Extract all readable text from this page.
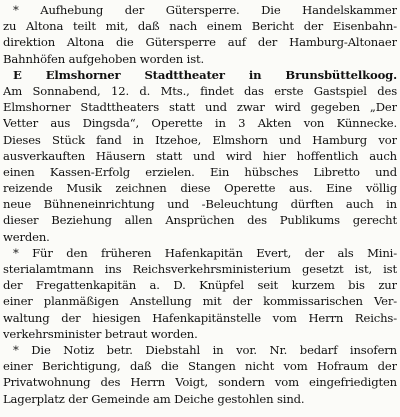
* Aufhebung der Gütersperre. Die Handelskammer
zu Altona teilt mit, daß nach einem Bericht der Eisenbahn-
direktion Altona die Gütersperre auf der Hamburg-Altonaer
Bahnhöfen aufgehoben worden ist.
E Elmshorner Stadttheater in Brunsbüttelkoog.
Am Sonnabend, 12. d. Mts., findet das erste Gastspiel des
Elmshorner Stadttheaters statt und zwar wird gegeben „Der
Vetter aus Dingsda“, Operette in 3 Akten von Künnecke.
Dieses Stück fand in Itzehoe, Elmshorn und Hamburg vor
ausverkauften Häusern statt und wird hier hoffentlich auch
einen Kassen-Erfolg erzielen. Ein hübsches Libretto und
reizende Musik zeichnen diese Operette aus. Eine völlig
neue Bühneneinrichtung und -Beleuchtung dürften auch in
dieser Beziehung allen Ansprüchen des Publikums gerecht
werden.
* Für den früheren Hafenkapitän Evert, der als Mini-
sterialamtmann ins Reichsverkehrsministerium gesetzt ist, ist
der Fregattenkapitän a. D. Knüpfel seit kurzem bis zur
einer planmäßigen Anstellung mit der kommissarischen Ver-
waltung der hiesigen Hafenkapitänstelle vom Herrn Reichs-
verkehrsminister betraut worden.
* Die Notiz betr. Diebstahl in vor. Nr. bedarf insofern
einer Berichtigung, daß die Stangen nicht vom Hofraum der
Privatwohnung des Herrn Voigt, sondern vom eingefriedigten
Lagerplatz der Gemeinde am Deiche gestohlen sind.
